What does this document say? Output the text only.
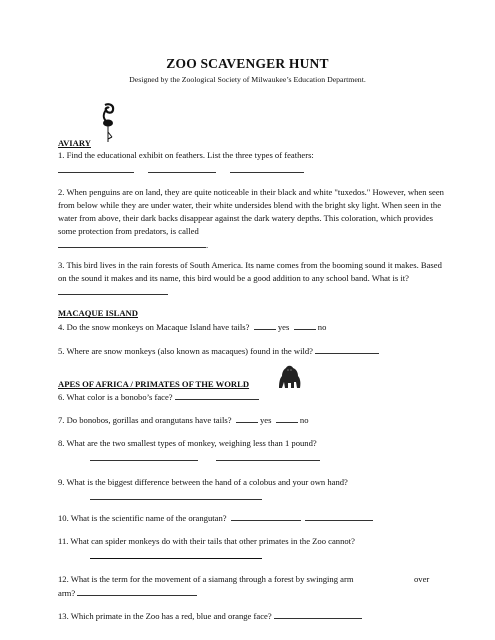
ZOO SCAVENGER HUNT
Designed by the Zoological Society of Milwaukee’s Education Department.
AVIARY
1. Find the educational exhibit on feathers. List the three types of feathers:
2. When penguins are on land, they are quite noticeable in their black and white "tuxedos." However, when seen from below while they are under water, their white undersides blend with the bright sky light. When seen in the water from above, their dark backs disappear against the dark watery depths. This coloration, which provides some protection from predators, is called
.
3. This bird lives in the rain forests of South America. Its name comes from the booming sound it makes. Based on the sound it makes and its name, this bird would be a good addition to any school band. What is it?
MACAQUE ISLAND
4. Do the snow monkeys on Macaque Island have tails?	yes	no
5. Where are snow monkeys (also known as macaques) found in the wild?
APES OF AFRICA / PRIMATES OF THE WORLD
6. What color is a bonobo’s face?
7. Do bonobos, gorillas and orangutans have tails?	yes	no
8. What are the two smallest types of monkey, weighing less than 1 pound?
9. What is the biggest difference between the hand of a colobus and your own hand?
10. What is the scientific name of the orangutan?
11. What can spider monkeys do with their tails that other primates in the Zoo cannot?
12. What is the term for the movement of a siamang through a forest by swinging arm	over
arm?
13. Which primate in the Zoo has a red, blue and orange face?
